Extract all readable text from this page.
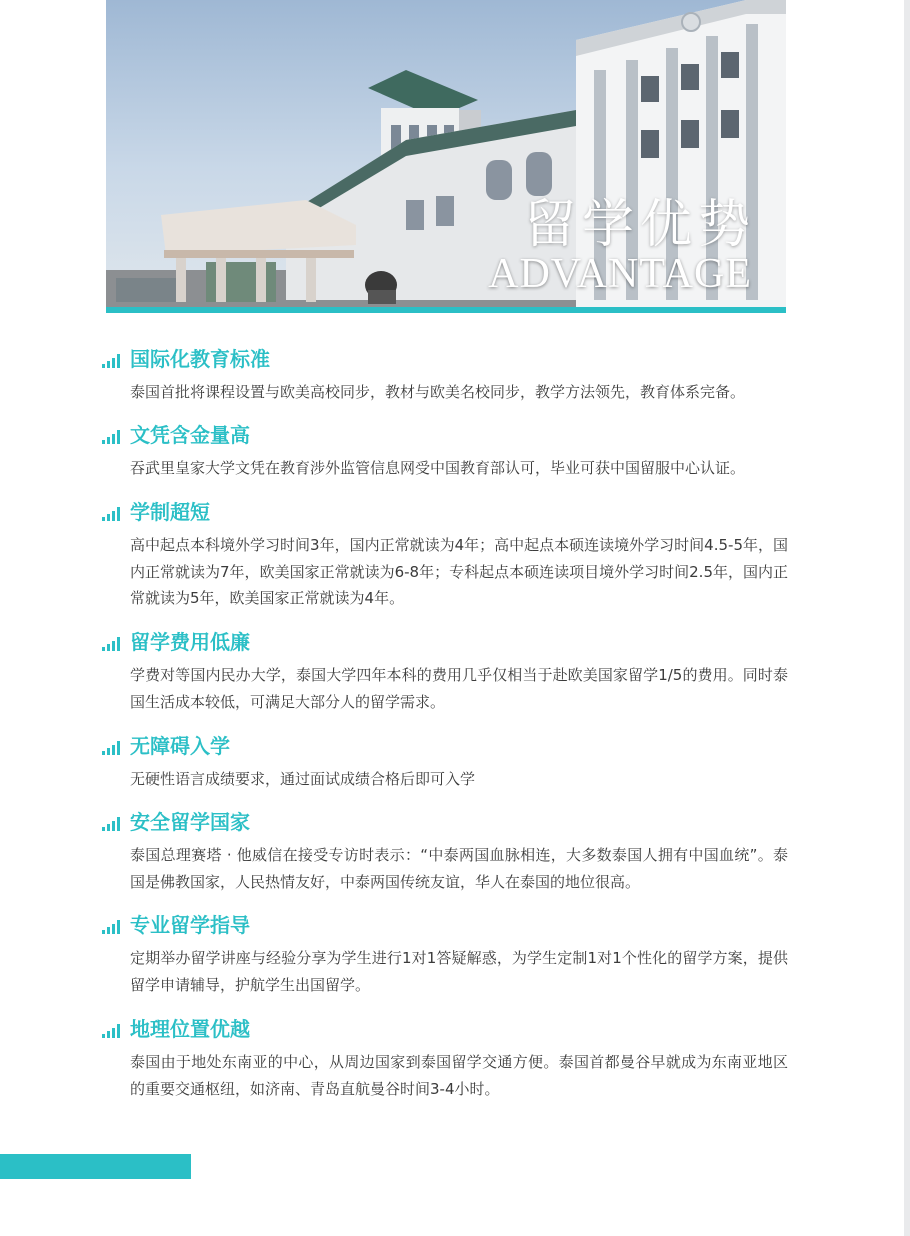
留学优势
ADVANTAGE
国际化教育标准
泰国首批将课程设置与欧美高校同步，教材与欧美名校同步，教学方法领先，教育体系完备。
文凭含金量高
吞武里皇家大学文凭在教育涉外监管信息网受中国教育部认可，毕业可获中国留服中心认证。
学制超短
高中起点本科境外学习时间3年，国内正常就读为4年；高中起点本硕连读境外学习时间4.5-5年，国内正常就读为7年，欧美国家正常就读为6-8年；专科起点本硕连读项目境外学习时间2.5年，国内正常就读为5年，欧美国家正常就读为4年。
留学费用低廉
学费对等国内民办大学，泰国大学四年本科的费用几乎仅相当于赴欧美国家留学1/5的费用。同时泰国生活成本较低，可满足大部分人的留学需求。
无障碍入学
无硬性语言成绩要求，通过面试成绩合格后即可入学
安全留学国家
泰国总理赛塔 · 他威信在接受专访时表示：“中泰两国血脉相连，大多数泰国人拥有中国血统”。泰国是佛教国家，人民热情友好，中泰两国传统友谊，华人在泰国的地位很高。
专业留学指导
定期举办留学讲座与经验分享为学生进行1对1答疑解惑，为学生定制1对1个性化的留学方案，提供留学申请辅导，护航学生出国留学。
地理位置优越
泰国由于地处东南亚的中心，从周边国家到泰国留学交通方便。泰国首都曼谷早就成为东南亚地区的重要交通枢纽，如济南、青岛直航曼谷时间3-4小时。
